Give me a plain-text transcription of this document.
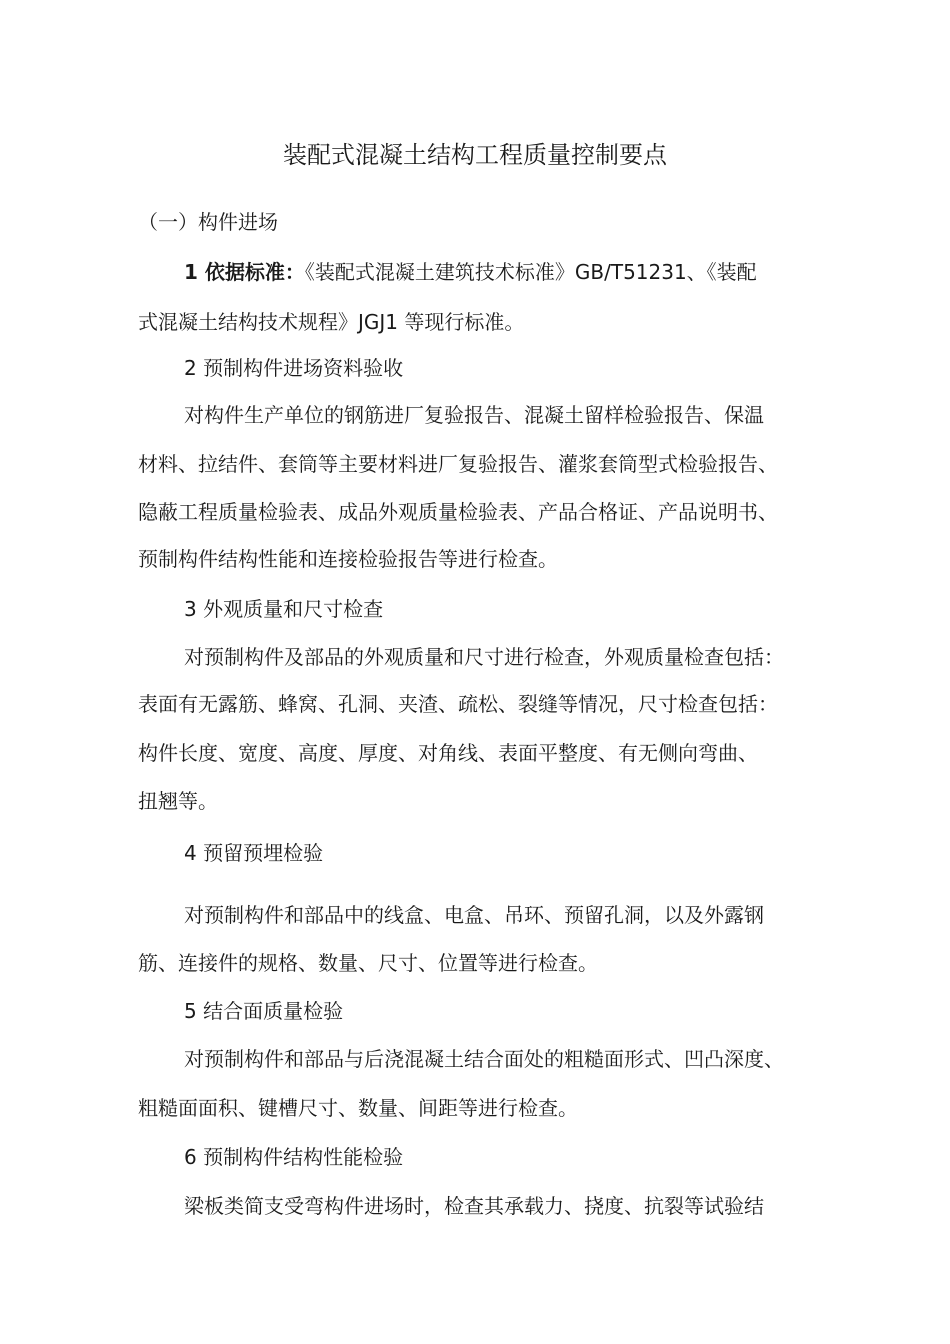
装配式混凝土结构工程质量控制要点

（一）构件进场

1 依据标准：《装配式混凝土建筑技术标准》GB/T51231、《装配

式混凝土结构技术规程》JGJ1 等现行标准。

2 预制构件进场资料验收

对构件生产单位的钢筋进厂复验报告、混凝土留样检验报告、保温

材料、拉结件、套筒等主要材料进厂复验报告、灌浆套筒型式检验报告、

隐蔽工程质量检验表、成品外观质量检验表、产品合格证、产品说明书、

预制构件结构性能和连接检验报告等进行检查。

3 外观质量和尺寸检查

对预制构件及部品的外观质量和尺寸进行检查，外观质量检查包括：

表面有无露筋、蜂窝、孔洞、夹渣、疏松、裂缝等情况，尺寸检查包括：

构件长度、宽度、高度、厚度、对角线、表面平整度、有无侧向弯曲、

扭翘等。

4 预留预埋检验

对预制构件和部品中的线盒、电盒、吊环、预留孔洞，以及外露钢

筋、连接件的规格、数量、尺寸、位置等进行检查。

5 结合面质量检验

对预制构件和部品与后浇混凝土结合面处的粗糙面形式、凹凸深度、

粗糙面面积、键槽尺寸、数量、间距等进行检查。

6 预制构件结构性能检验

梁板类简支受弯构件进场时，检查其承载力、挠度、抗裂等试验结
